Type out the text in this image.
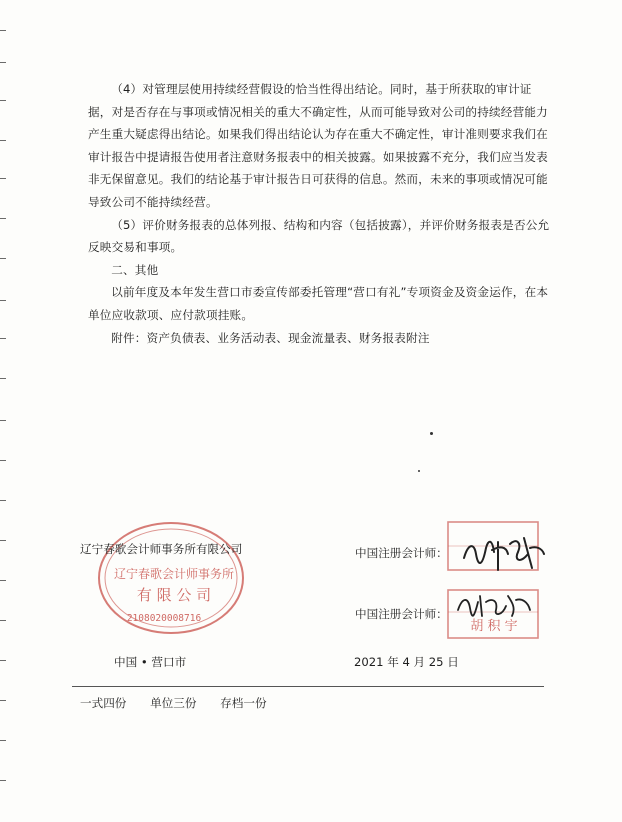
（4）对管理层使用持续经营假设的恰当性得出结论。同时，基于所获取的审计证据，对是否存在与事项或情况相关的重大不确定性，从而可能导致对公司的持续经营能力产生重大疑虑得出结论。如果我们得出结论认为存在重大不确定性，审计准则要求我们在审计报告中提请报告使用者注意财务报表中的相关披露。如果披露不充分，我们应当发表非无保留意见。我们的结论基于审计报告日可获得的信息。然而，未来的事项或情况可能导致公司不能持续经营。

（5）评价财务报表的总体列报、结构和内容（包括披露），并评价财务报表是否公允反映交易和事项。

二、其他

以前年度及本年发生营口市委宣传部委托管理“营口有礼”专项资金及资金运作，在本单位应收款项、应付款项挂账。

附件：资产负债表、业务活动表、现金流量表、财务报表附注

辽宁春歌会计师事务所
有 限 公 司
2108020008716
辽宁春歌会计师事务所有限公司	中国注册会计师：
中国注册会计师：
胡 积 宇
中国 • 营口市	2021 年 4 月 25 日
一式四份 单位三份 存档一份
